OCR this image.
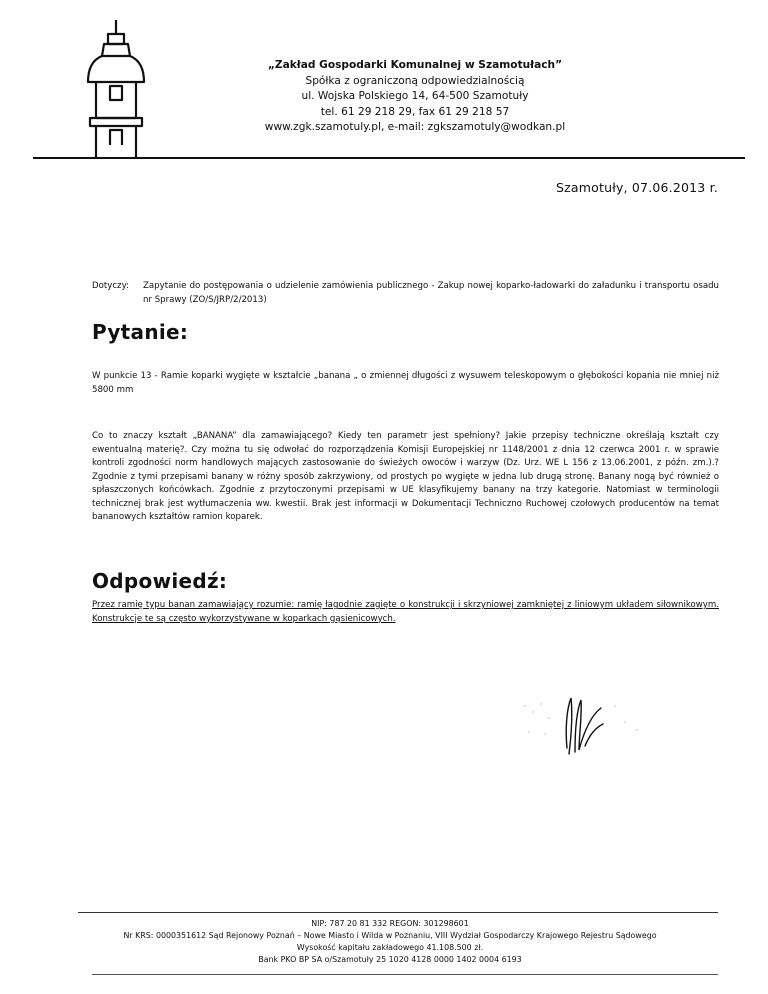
„Zakład Gospodarki Komunalnej w Szamotułach”
Spółka z ograniczoną odpowiedzialnością
ul. Wojska Polskiego 14, 64-500 Szamotuły
tel. 61 29 218 29, fax 61 29 218 57
www.zgk.szamotuly.pl, e-mail: zgkszamotuly@wodkan.pl
Szamotuły, 07.06.2013 r.
Dotyczy: Zapytanie do postępowania o udzielenie zamówienia publicznego - Zakup nowej koparko-ładowarki do załadunku i transportu osadu nr Sprawy (ZO/S/JRP/2/2013)
Pytanie:
W punkcie 13 - Ramie koparki wygięte w kształcie „banana „ o zmiennej długości z wysuwem teleskopowym o głębokości kopania nie mniej niż 5800 mm
Co to znaczy kształt „BANANA” dla zamawiającego? Kiedy ten parametr jest spełniony? Jakie przepisy techniczne określają kształt czy ewentualną materię?. Czy można tu się odwołać do rozporządzenia Komisji Europejskiej nr 1148/2001 z dnia 12 czerwca 2001 r. w sprawie kontroli zgodności norm handlowych mających zastosowanie do świeżych owoców i warzyw (Dz. Urz. WE L 156 z 13.06.2001, z późn. zm.).? Zgodnie z tymi przepisami banany w różny sposób zakrzywiony, od prostych po wygięte w jedna lub drugą stronę. Banany nogą być również o spłaszczonych końcówkach. Zgodnie z przytoczonymi przepisami w UE klasyfikujemy banany na trzy kategorie. Natomiast w terminologii technicznej brak jest wytłumaczenia ww. kwestii. Brak jest informacji w Dokumentacji Techniczno Ruchowej czołowych producentów na temat bananowych kształtów ramion koparek.
Odpowiedź:
Przez ramię typu banan zamawiający rozumie: ramię łagodnie zagięte o konstrukcji i skrzyniowej zamkniętej z liniowym układem siłownikowym. Konstrukcje te są często wykorzystywane w koparkach gąsienicowych.
NIP: 787 20 81 332 REGON: 301298601
Nr KRS: 0000351612 Sąd Rejonowy Poznań – Nowe Miasto i Wilda w Poznaniu, VIII Wydział Gospodarczy Krajowego Rejestru Sądowego
Wysokość kapitału zakładowego 41.108.500 zł.
Bank PKO BP SA o/Szamotuły 25 1020 4128 0000 1402 0004 6193
